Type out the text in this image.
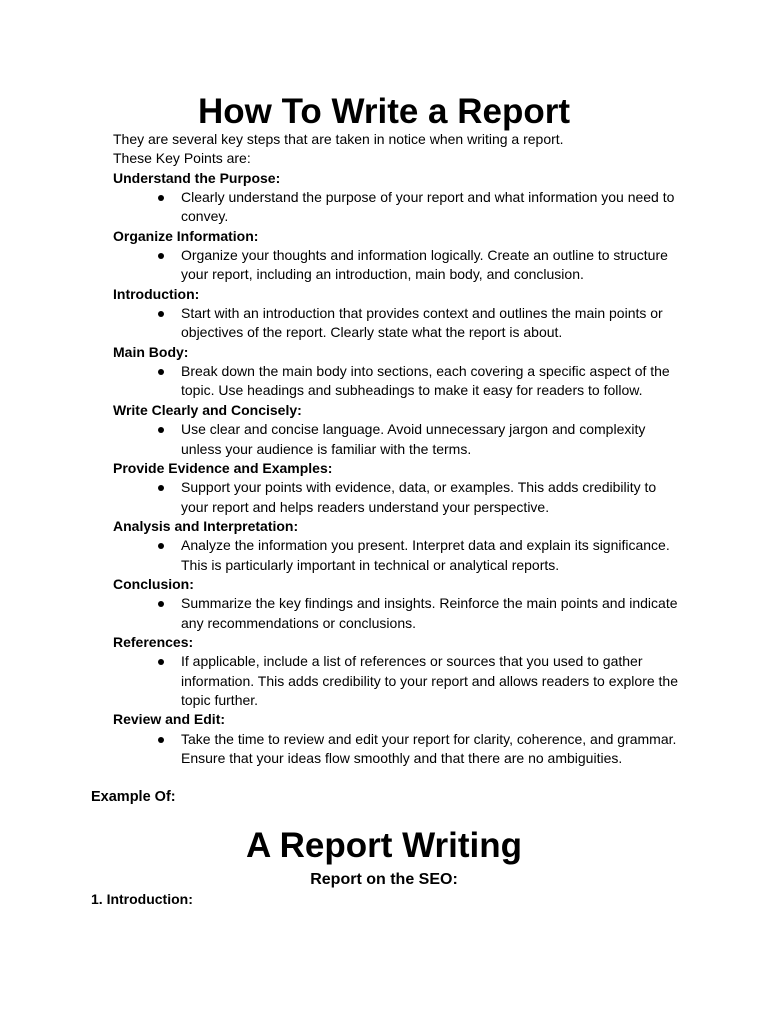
How To Write a Report
They are several key steps that are taken in notice when writing a report.
These Key Points are:
Understand the Purpose:
Clearly understand the purpose of your report and what information you need to convey.
Organize Information:
Organize your thoughts and information logically. Create an outline to structure your report, including an introduction, main body, and conclusion.
Introduction:
Start with an introduction that provides context and outlines the main points or objectives of the report. Clearly state what the report is about.
Main Body:
Break down the main body into sections, each covering a specific aspect of the topic. Use headings and subheadings to make it easy for readers to follow.
Write Clearly and Concisely:
Use clear and concise language. Avoid unnecessary jargon and complexity unless your audience is familiar with the terms.
Provide Evidence and Examples:
Support your points with evidence, data, or examples. This adds credibility to your report and helps readers understand your perspective.
Analysis and Interpretation:
Analyze the information you present. Interpret data and explain its significance. This is particularly important in technical or analytical reports.
Conclusion:
Summarize the key findings and insights. Reinforce the main points and indicate any recommendations or conclusions.
References:
If applicable, include a list of references or sources that you used to gather information. This adds credibility to your report and allows readers to explore the topic further.
Review and Edit:
Take the time to review and edit your report for clarity, coherence, and grammar. Ensure that your ideas flow smoothly and that there are no ambiguities.
Example Of:
A Report Writing
Report on the SEO:
1. Introduction:
